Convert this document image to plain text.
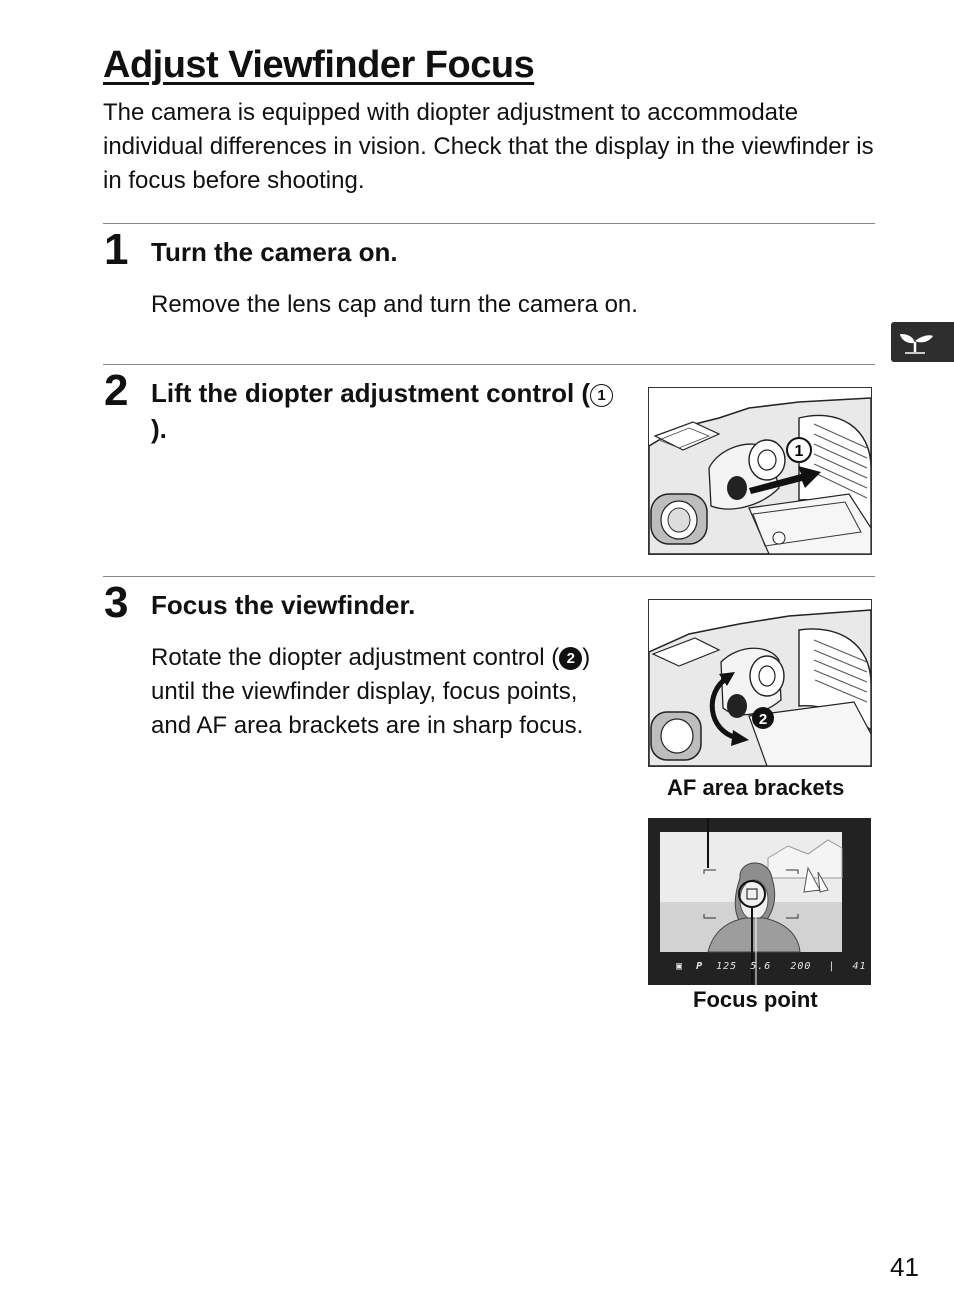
Adjust Viewfinder Focus

The camera is equipped with diopter adjustment to accommodate individual differences in vision. Check that the display in the viewfinder is in focus before shooting.

1 Turn the camera on.

Remove the lens cap and turn the camera on.

2 Lift the diopter adjustment control ( 1).
1
3 Focus the viewfinder.

Rotate the diopter adjustment control ( 2 ) until the viewfinder display, focus points, and AF area brackets are in sharp focus.	2
AF area brackets
▣ P 125 5.6 200 | 41
Focus point
41
